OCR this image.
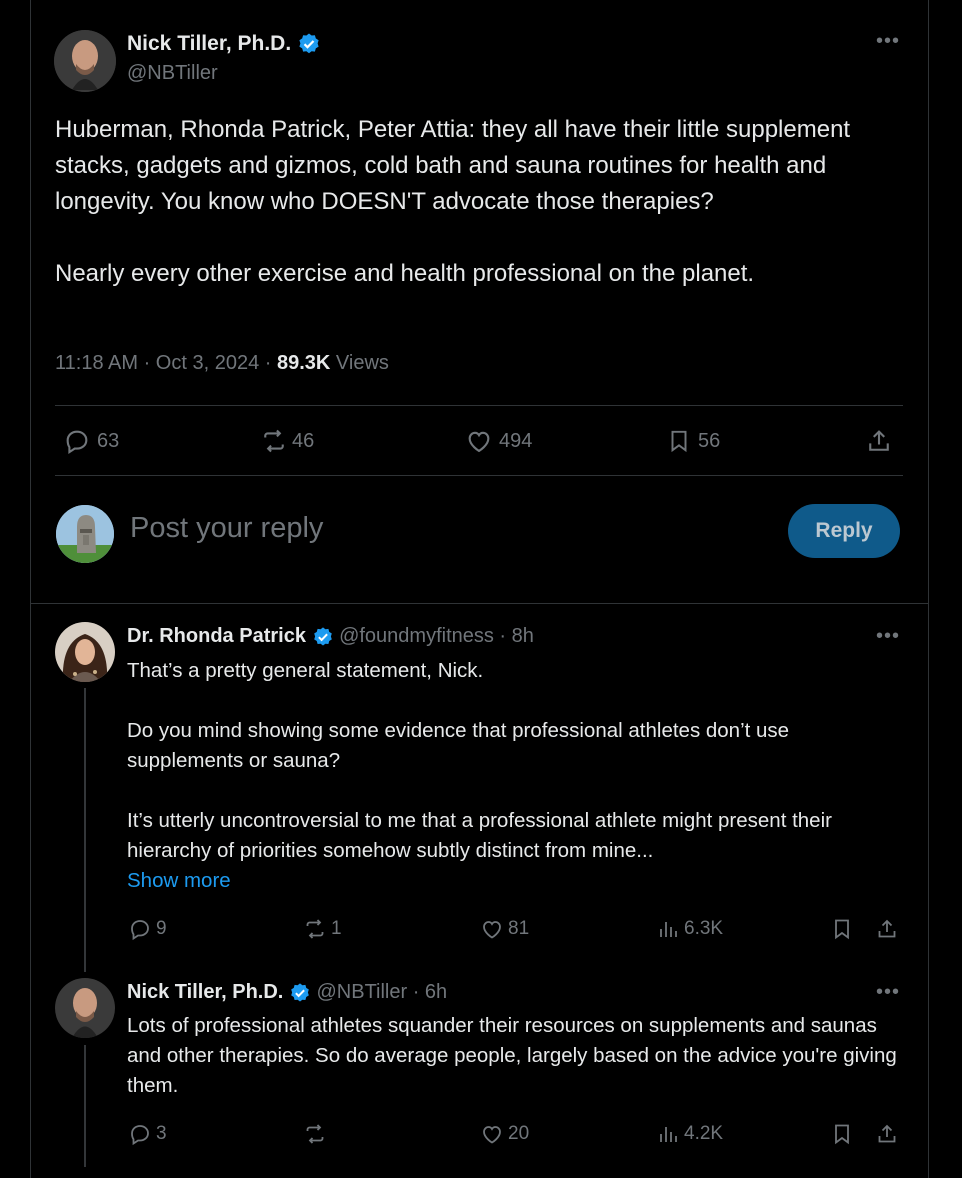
Nick Tiller, Ph.D.
@NBTiller
•••

Huberman, Rhonda Patrick, Peter Attia: they all have their little supplement stacks, gadgets and gizmos, cold bath and sauna routines for health and longevity. You know who DOESN'T advocate those therapies?

Nearly every other exercise and health professional on the planet.

11:18 AM · Oct 3, 2024 · 89.3K Views
63	46	494	56
Post your reply	Reply
Dr. Rhonda Patrick @foundmyfitness · 8h	•••

That’s a pretty general statement, Nick.

Do you mind showing some evidence that professional athletes don’t use supplements or sauna?

It’s utterly uncontroversial to me that a professional athlete might present their hierarchy of priorities somehow subtly distinct from mine...

Show more

9	1	81	6.3K
Nick Tiller, Ph.D. @NBTiller · 6h	•••

Lots of professional athletes squander their resources on supplements and saunas and other therapies. So do average people, largely based on the advice you're giving them.

3	20	4.2K
